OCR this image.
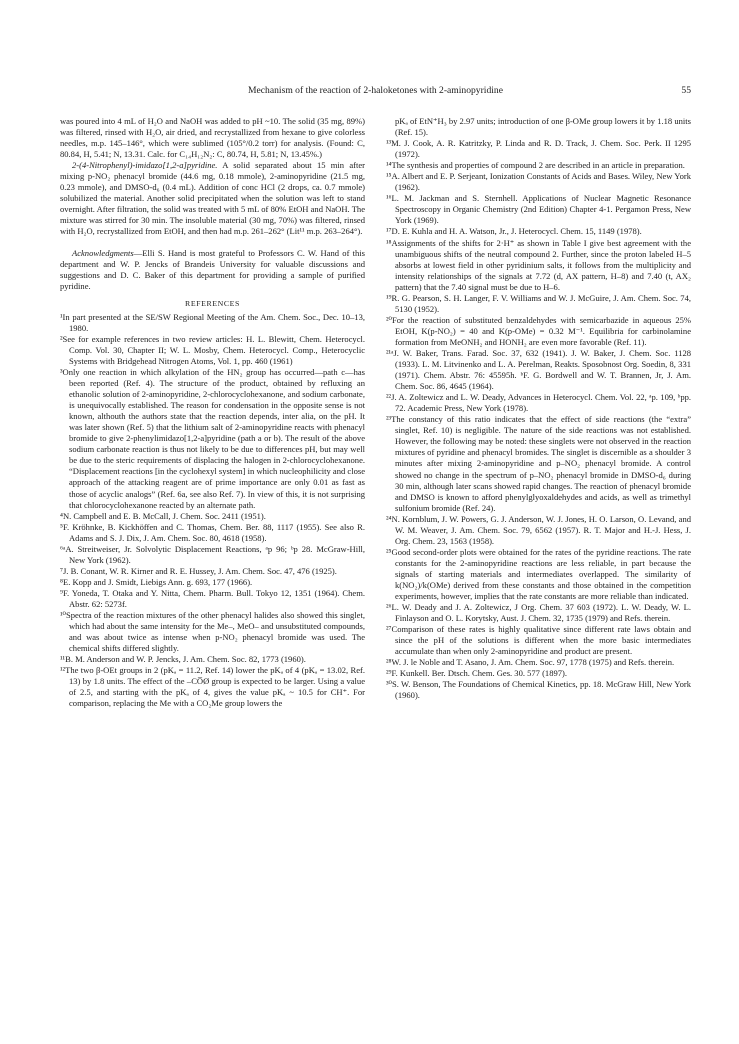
Mechanism of the reaction of 2-haloketones with 2-aminopyridine	55

was poured into 4 mL of H₂O and NaOH was added to pH ~10. The solid (35 mg, 89%) was filtered, rinsed with H₂O, air dried, and recrystallized from hexane to give colorless needles, m.p. 145–146°, which were sublimed (105°/0.2 torr) for analysis. (Found: C, 80.84, H, 5.41; N, 13.31. Calc. for C₁₄H₁₂N₂: C, 80.74, H, 5.81; N, 13.45%.)

2-(4-Nitrophenyl)-imidazo[1,2-a]pyridine. A solid separated about 15 min after mixing p-NO₂ phenacyl bromide (44.6 mg, 0.18 mmole), 2-aminopyridine (21.5 mg, 0.23 mmole), and DMSO-d₆ (0.4 mL). Addition of conc HCl (2 drops, ca. 0.7 mmole) solubilized the material. Another solid precipitated when the solution was left to stand overnight. After filtration, the solid was treated with 5 mL of 80% EtOH and NaOH. The mixture was stirred for 30 min. The insoluble material (30 mg, 70%) was filtered, rinsed with H₂O, recrystallized from EtOH, and then had m.p. 261–262° (Lit¹¹ m.p. 263–264°).

Acknowledgments—Elli S. Hand is most grateful to Professors C. W. Hand of this department and W. P. Jencks of Brandeis University for valuable discussions and suggestions and D. C. Baker of this department for providing a sample of purified pyridine.

REFERENCES

¹In part presented at the SE/SW Regional Meeting of the Am. Chem. Soc., Dec. 10–13, 1980.

²See for example references in two review articles: H. L. Blewitt, Chem. Heterocycl. Comp. Vol. 30, Chapter II; W. L. Mosby, Chem. Heterocycl. Comp., Heterocyclic Systems with Bridgehead Nitrogen Atoms, Vol. 1, pp. 460 (1961)

³Only one reaction in which alkylation of the HN₂ group has occurred—path c—has been reported (Ref. 4). The structure of the product, obtained by refluxing an ethanolic solution of 2-aminopyridine, 2-chlorocyclohexanone, and sodium carbonate, is unequivocally established. The reason for condensation in the opposite sense is not known, althouth the authors state that the reaction depends, inter alia, on the pH. It was later shown (Ref. 5) that the lithium salt of 2-aminopyridine reacts with phenacyl bromide to give 2-phenylimidazo[1,2-a]pyridine (path a or b). The result of the above sodium carbonate reaction is thus not likely to be due to differences pH, but may well be due to the steric requirements of displacing the halogen in 2-chlorocyclohexanone. “Displacement reactions [in the cyclohexyl system] in which nucleophilicity and close approach of the attacking reagent are of prime importance are only 0.01 as fast as those of acyclic analogs” (Ref. 6a, see also Ref. 7). In view of this, it is not surprising that chlorocyclohexanone reacted by an alternate path.

⁴N. Campbell and E. B. McCall, J. Chem. Soc. 2411 (1951).

⁵F. Kröhnke, B. Kickhöffen and C. Thomas, Chem. Ber. 88, 1117 (1955). See also R. Adams and S. J. Dix, J. Am. Chem. Soc. 80, 4618 (1958).

⁶ᵃA. Streitweiser, Jr. Solvolytic Displacement Reactions, ᵃp 96; ᵇp 28. McGraw-Hill, New York (1962).

⁷J. B. Conant, W. R. Kirner and R. E. Hussey, J. Am. Chem. Soc. 47, 476 (1925).

⁸E. Kopp and J. Smidt, Liebigs Ann. g. 693, 177 (1966).

⁹F. Yoneda, T. Otaka and Y. Nitta, Chem. Pharm. Bull. Tokyo 12, 1351 (1964). Chem. Abstr. 62: 5273f.

¹⁰Spectra of the reaction mixtures of the other phenacyl halides also showed this singlet, which had about the same intensity for the Me–, MeO– and unsubstituted compounds, and was about twice as intense when p-NO₂ phenacyl bromide was used. The chemical shifts differed slightly.

¹¹B. M. Anderson and W. P. Jencks, J. Am. Chem. Soc. 82, 1773 (1960).

¹²The two β-OEt groups in 2 (pKₐ = 11.2, Ref. 14) lower the pKₐ of 4 (pKₐ = 13.02, Ref. 13) by 1.8 units. The effect of the –CO̅Ø group is expected to be larger. Using a value of 2.5, and starting with the pKₐ of 4, gives the value pKₐ ~ 10.5 for CH⁺. For comparison, replacing the Me with a CO₂Me group lowers the

pKₐ of EtN⁺H₃ by 2.97 units; introduction of one β-OMe group lowers it by 1.18 units (Ref. 15).

¹³M. J. Cook, A. R. Katritzky, P. Linda and R. D. Track, J. Chem. Soc. Perk. II 1295 (1972).

¹⁴The synthesis and properties of compound 2 are described in an article in preparation.

¹⁵A. Albert and E. P. Serjeant, Ionization Constants of Acids and Bases. Wiley, New York (1962).

¹⁶L. M. Jackman and S. Sternhell. Applications of Nuclear Magnetic Resonance Spectroscopy in Organic Chemistry (2nd Edition) Chapter 4-1. Pergamon Press, New York (1969).

¹⁷D. E. Kuhla and H. A. Watson, Jr., J. Heterocycl. Chem. 15, 1149 (1978).

¹⁸Assignments of the shifts for 2·H⁺ as shown in Table I give best agreement with the unambiguous shifts of the neutral compound 2. Further, since the proton labeled H–5 absorbs at lowest field in other pyridinium salts, it follows from the multiplicity and intensity relationships of the signals at 7.72 (d, AX pattern, H–8) and 7.40 (t, AX₂ pattern) that the 7.40 signal must be due to H–6.

¹⁹R. G. Pearson, S. H. Langer, F. V. Williams and W. J. McGuire, J. Am. Chem. Soc. 74, 5130 (1952).

²⁰For the reaction of substituted benzaldehydes with semicarbazide in aqueous 25% EtOH, K(p-NO₂) = 40 and K(p-OMe) = 0.32 M⁻¹. Equilibria for carbinolamine formation from MeONH₂ and HONH₂ are even more favorable (Ref. 11).

²¹ᵃJ. W. Baker, Trans. Farad. Soc. 37, 632 (1941). J. W. Baker, J. Chem. Soc. 1128 (1933). L. M. Litvinenko and L. A. Perelman, Reakts. Sposobnost Org. Soedin, 8, 331 (1971). Chem. Abstr. 76: 45595h. ᵇF. G. Bordwell and W. T. Brannen, Jr, J. Am. Chem. Soc. 86, 4645 (1964).

²²J. A. Zoltewicz and L. W. Deady, Advances in Heterocycl. Chem. Vol. 22, ᵃp. 109, ᵇpp. 72. Academic Press, New York (1978).

²³The constancy of this ratio indicates that the effect of side reactions (the “extra” singlet, Ref. 10) is negligible. The nature of the side reactions was not established. However, the following may be noted: these singlets were not observed in the reaction mixtures of pyridine and phenacyl bromides. The singlet is discernible as a shoulder 3 minutes after mixing 2-aminopyridine and p–NO₂ phenacyl bromide. A control showed no change in the spectrum of p–NO₂ phenacyl bromide in DMSO-d₆ during 30 min, although later scans showed rapid changes. The reaction of phenacyl bromide and DMSO is known to afford phenylglyoxaldehydes and acids, as well as trimethyl sulfonium bromide (Ref. 24).

²⁴N. Kornblum, J. W. Powers, G. J. Anderson, W. J. Jones, H. O. Larson, O. Levand, and W. M. Weaver, J. Am. Chem. Soc. 79, 6562 (1957). R. T. Major and H.-J. Hess, J. Org. Chem. 23, 1563 (1958).

²⁵Good second-order plots were obtained for the rates of the pyridine reactions. The rate constants for the 2-aminopyridine reactions are less reliable, in part because the signals of starting materials and intermediates overlapped. The similarity of k(NO₂)/k(OMe) derived from these constants and those obtained in the competition experiments, however, implies that the rate constants are more reliable than indicated.

²⁶L. W. Deady and J. A. Zoltewicz, J Org. Chem. 37 603 (1972). L. W. Deady, W. L. Finlayson and O. L. Korytsky, Aust. J. Chem. 32, 1735 (1979) and Refs. therein.

²⁷Comparison of these rates is highly qualitative since different rate laws obtain and since the pH of the solutions is different when the more basic intermediates accumulate than when only 2-aminopyridine and product are present.

²⁸W. J. le Noble and T. Asano, J. Am. Chem. Soc. 97, 1778 (1975) and Refs. therein.

²⁹F. Kunkell. Ber. Dtsch. Chem. Ges. 30. 577 (1897).

³⁰S. W. Benson, The Foundations of Chemical Kinetics, pp. 18. McGraw Hill, New York (1960).
